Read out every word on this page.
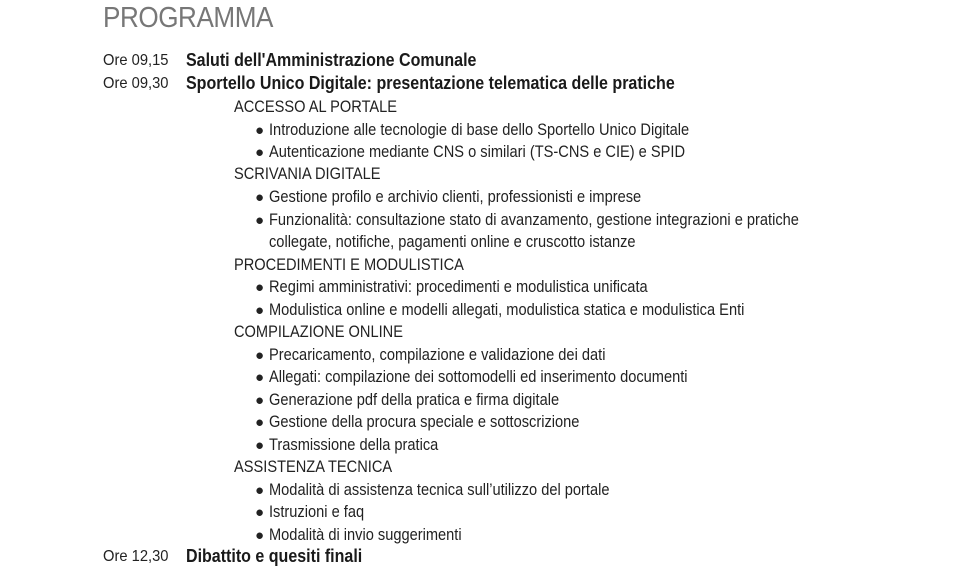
PROGRAMMA
Ore 09,15 Saluti dell'Amministrazione Comunale
Ore 09,30 Sportello Unico Digitale: presentazione telematica delle pratiche
ACCESSO AL PORTALE
● Introduzione alle tecnologie di base dello Sportello Unico Digitale
● Autenticazione mediante CNS o similari (TS-CNS e CIE) e SPID
SCRIVANIA DIGITALE
● Gestione profilo e archivio clienti, professionisti e imprese
● Funzionalità: consultazione stato di avanzamento, gestione integrazioni e pratiche
collegate, notifiche, pagamenti online e cruscotto istanze
PROCEDIMENTI E MODULISTICA
● Regimi amministrativi: procedimenti e modulistica unificata
● Modulistica online e modelli allegati, modulistica statica e modulistica Enti
COMPILAZIONE ONLINE
● Precaricamento, compilazione e validazione dei dati
● Allegati: compilazione dei sottomodelli ed inserimento documenti
● Generazione pdf della pratica e firma digitale
● Gestione della procura speciale e sottoscrizione
● Trasmissione della pratica
ASSISTENZA TECNICA
● Modalità di assistenza tecnica sull’utilizzo del portale
● Istruzioni e faq
● Modalità di invio suggerimenti
Ore 12,30 Dibattito e quesiti finali
